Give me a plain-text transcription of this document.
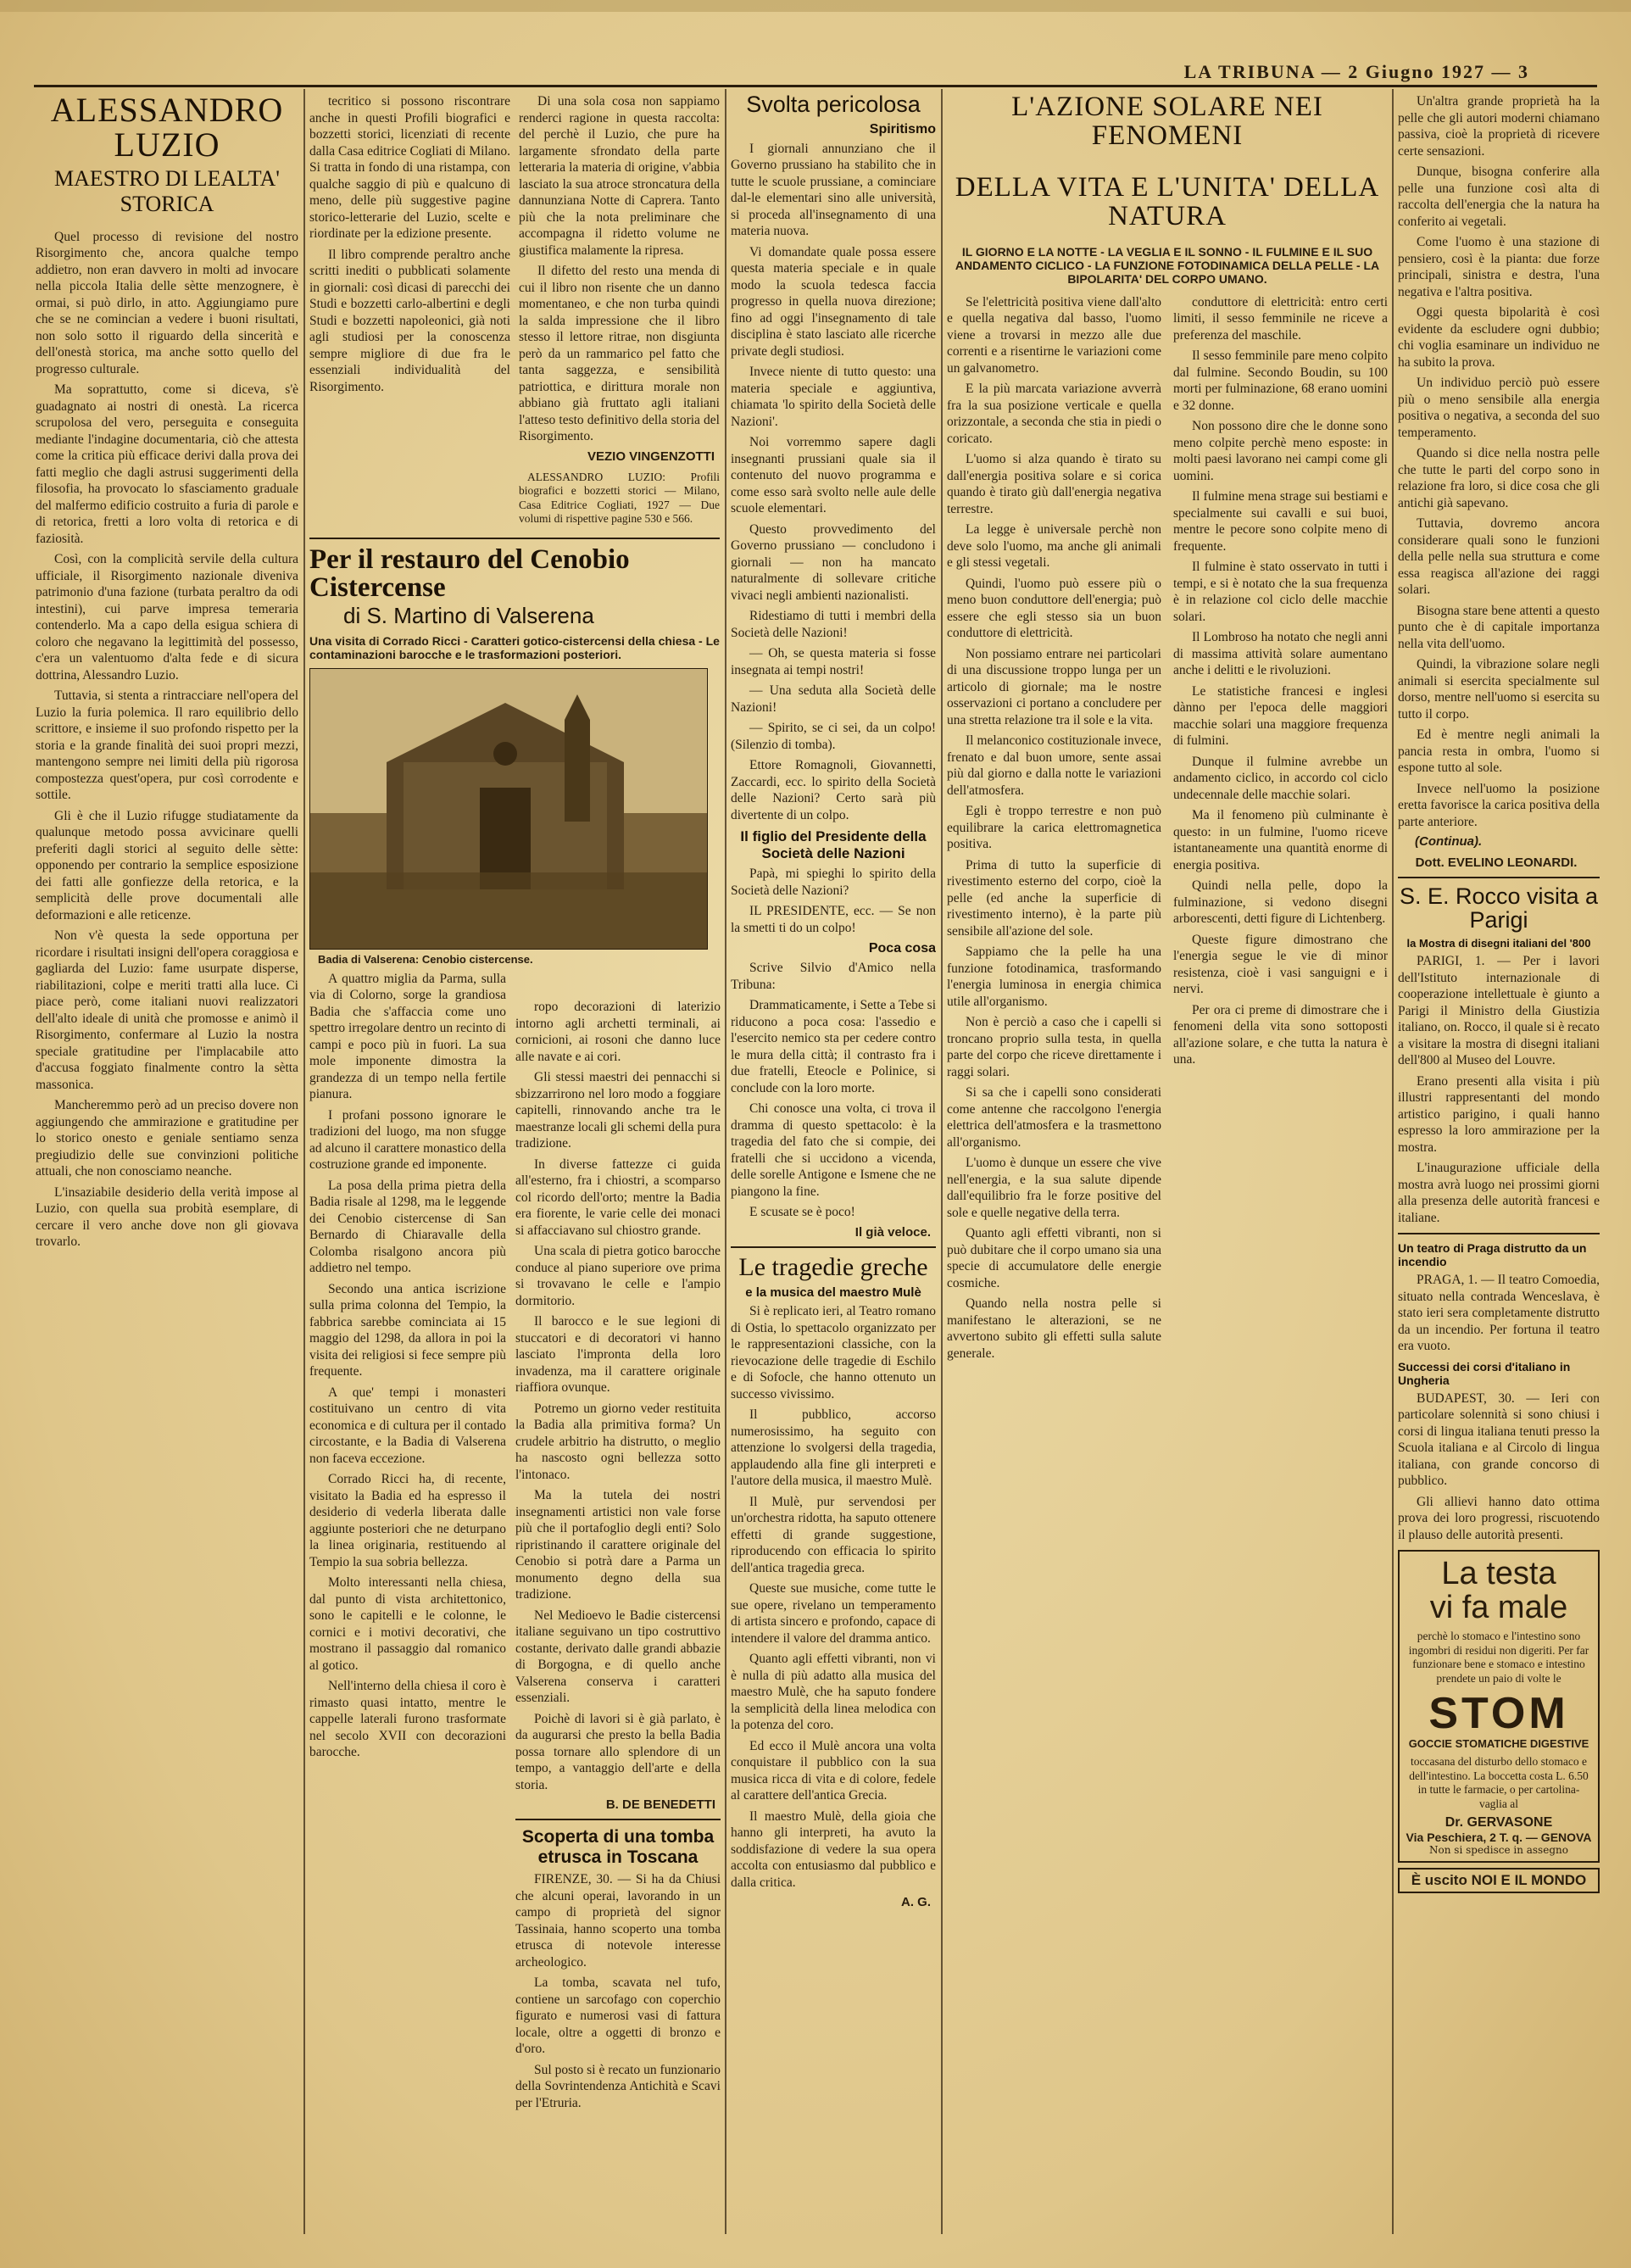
LA TRIBUNA — 2 Giugno 1927 — 3
ALESSANDRO LUZIO
MAESTRO DI LEALTA' STORICA

Quel processo di revisione del nostro Risorgimento che, ancora qualche tempo addietro, non eran davvero in molti ad invocare nella piccola Italia delle sètte menzognere, è ormai, si può dirlo, in atto. Aggiungiamo pure che se ne comincian a vedere i buoni risultati, non solo sotto il riguardo della sincerità e dell'onestà storica, ma anche sotto quello del progresso culturale.

Ma soprattutto, come si diceva, s'è guadagnato ai nostri di onestà. La ricerca scrupolosa del vero, perseguita e conseguita mediante l'indagine documentaria, ciò che attesta come la critica più efficace derivi dalla prova dei fatti meglio che dagli astrusi suggerimenti della filosofia, ha provocato lo sfasciamento graduale del malfermo edificio costruito a furia di parole e di retorica, fretti a loro volta di retorica e di faziosità.

Così, con la complicità servile della cultura ufficiale, il Risorgimento nazionale diveniva patrimonio d'una fazione (turbata peraltro da odi intestini), cui parve impresa temeraria contenderlo. Ma a capo della esigua schiera di coloro che negavano la legittimità del possesso, c'era un valentuomo d'alta fede e di sicura dottrina, Alessandro Luzio.

Tuttavia, si stenta a rintracciare nell'opera del Luzio la furia polemica. Il raro equilibrio dello scrittore, e insieme il suo profondo rispetto per la storia e la grande finalità dei suoi propri mezzi, mantengono sempre nei limiti della più rigorosa compostezza quest'opera, pur così corrodente e sottile.

Gli è che il Luzio rifugge studiatamente da qualunque metodo possa avvicinare quelli preferiti dagli storici al seguito delle sètte: opponendo per contrario la semplice esposizione dei fatti alle gonfiezze della retorica, e la semplicità delle prove documentali alle deformazioni e alle reticenze.

Non v'è questa la sede opportuna per ricordare i risultati insigni dell'opera coraggiosa e gagliarda del Luzio: fame usurpate disperse, riabilitazioni, colpe e meriti tratti alla luce. Ci piace però, come italiani nuovi realizzatori dell'alto ideale di unità che promosse e animò il Risorgimento, confermare al Luzio la nostra speciale gratitudine per l'implacabile atto d'accusa foggiato finalmente contro la sètta massonica.

Mancheremmo però ad un preciso dovere non aggiungendo che ammirazione e gratitudine per lo storico onesto e geniale sentiamo senza pregiudizio delle sue convinzioni politiche attuali, che non conosciamo neanche.

L'insaziabile desiderio della verità impose al Luzio, con quella sua probità esemplare, di cercare il vero anche dove non gli giovava trovarlo.

tecritico si possono riscontrare anche in questi Profili biografici e bozzetti storici, licenziati di recente dalla Casa editrice Cogliati di Milano. Si tratta in fondo di una ristampa, con qualche saggio di più e qualcuno di meno, delle più suggestive pagine storico-letterarie del Luzio, scelte e riordinate per la edizione presente.

Il libro comprende peraltro anche scritti inediti o pubblicati solamente in giornali: così dicasi di parecchi dei Studi e bozzetti carlo-albertini e degli Studi e bozzetti napoleonici, già noti agli studiosi per la conoscenza sempre migliore di due fra le essenziali individualità del Risorgimento.

Di una sola cosa non sappiamo renderci ragione in questa raccolta: del perchè il Luzio, che pure ha largamente sfrondato della parte letteraria la materia di origine, v'abbia lasciato la sua atroce stroncatura della dannunziana Notte di Caprera. Tanto più che la nota preliminare che accompagna il ridetto volume ne giustifica malamente la ripresa.

Il difetto del resto una menda di cui il libro non risente che un danno momentaneo, e che non turba quindi la salda impressione che il libro stesso il lettore ritrae, non disgiunta però da un rammarico pel fatto che tanta saggezza, e sensibilità patriottica, e dirittura morale non abbiano già fruttato agli italiani l'atteso testo definitivo della storia del Risorgimento.

VEZIO VINGENZOTTI

ALESSANDRO LUZIO: Profili biografici e bozzetti storici — Milano, Casa Editrice Cogliati, 1927 — Due volumi di rispettive pagine 530 e 566.

Per il restauro del Cenobio Cistercense
di S. Martino di Valserena
Una visita di Corrado Ricci - Caratteri gotico-cistercensi della chiesa - Le contaminazioni barocche e le trasformazioni posteriori.
Badia di Valserena: Cenobio cistercense.

A quattro miglia da Parma, sulla via di Colorno, sorge la grandiosa Badia che s'affaccia come uno spettro irregolare dentro un recinto di campi e poco più in fuori. La sua mole imponente dimostra la grandezza di un tempo nella fertile pianura.

I profani possono ignorare le tradizioni del luogo, ma non sfugge ad alcuno il carattere monastico della costruzione grande ed imponente.

La posa della prima pietra della Badia risale al 1298, ma le leggende dei Cenobio cistercense di San Bernardo di Chiaravalle della Colomba risalgono ancora più addietro nel tempo.

Secondo una antica iscrizione sulla prima colonna del Tempio, la fabbrica sarebbe cominciata ai 15 maggio del 1298, da allora in poi la visita dei religiosi si fece sempre più frequente.

A que' tempi i monasteri costituivano un centro di vita economica e di cultura per il contado circostante, e la Badia di Valserena non faceva eccezione.

Corrado Ricci ha, di recente, visitato la Badia ed ha espresso il desiderio di vederla liberata dalle aggiunte posteriori che ne deturpano la linea originaria, restituendo al Tempio la sua sobria bellezza.

Molto interessanti nella chiesa, dal punto di vista architettonico, sono le capitelli e le colonne, le cornici e i motivi decorativi, che mostrano il passaggio dal romanico al gotico.

Nell'interno della chiesa il coro è rimasto quasi intatto, mentre le cappelle laterali furono trasformate nel secolo XVII con decorazioni barocche.

ropo decorazioni di laterizio intorno agli archetti terminali, ai cornicioni, ai rosoni che danno luce alle navate e ai cori.

Gli stessi maestri dei pennacchi si sbizzarrirono nel loro modo a foggiare capitelli, rinnovando anche tra le maestranze locali gli schemi della pura tradizione.

In diverse fattezze ci guida all'esterno, fra i chiostri, a scomparso col ricordo dell'orto; mentre la Badia era fiorente, le varie celle dei monaci si affacciavano sul chiostro grande.

Una scala di pietra gotico barocche conduce al piano superiore ove prima si trovavano le celle e l'ampio dormitorio.

Il barocco e le sue legioni di stuccatori e di decoratori vi hanno lasciato l'impronta della loro invadenza, ma il carattere originale riaffiora ovunque.

Potremo un giorno veder restituita la Badia alla primitiva forma? Un crudele arbitrio ha distrutto, o meglio ha nascosto ogni bellezza sotto l'intonaco.

Ma la tutela dei nostri insegnamenti artistici non vale forse più che il portafoglio degli enti? Solo ripristinando il carattere originale del Cenobio si potrà dare a Parma un monumento degno della sua tradizione.

Nel Medioevo le Badie cistercensi italiane seguivano un tipo costruttivo costante, derivato dalle grandi abbazie di Borgogna, e di quello anche Valserena conserva i caratteri essenziali.

Poichè di lavori si è già parlato, è da augurarsi che presto la bella Badia possa tornare allo splendore di un tempo, a vantaggio dell'arte e della storia.

B. DE BENEDETTI
Scoperta di una tomba etrusca in Toscana

FIRENZE, 30. — Si ha da Chiusi che alcuni operai, lavorando in un campo di proprietà del signor Tassinaia, hanno scoperto una tomba etrusca di notevole interesse archeologico.

La tomba, scavata nel tufo, contiene un sarcofago con coperchio figurato e numerosi vasi di fattura locale, oltre a oggetti di bronzo e d'oro.

Sul posto si è recato un funzionario della Sovrintendenza Antichità e Scavi per l'Etruria.

Svolta pericolosa
Spiritismo

I giornali annunziano che il Governo prussiano ha stabilito che in tutte le scuole prussiane, a cominciare dal-le elementari sino alle università, si proceda all'insegnamento di una materia nuova.

Vi domandate quale possa essere questa materia speciale e in quale modo la scuola tedesca faccia progresso in quella nuova direzione; fino ad oggi l'insegnamento di tale disciplina è stato lasciato alle ricerche private degli studiosi.

Invece niente di tutto questo: una materia speciale e aggiuntiva, chiamata 'lo spirito della Società delle Nazioni'.

Noi vorremmo sapere dagli insegnanti prussiani quale sia il contenuto del nuovo programma e come esso sarà svolto nelle aule delle scuole elementari.

Questo provvedimento del Governo prussiano — concludono i giornali — non ha mancato naturalmente di sollevare critiche vivaci negli ambienti nazionalisti.

Ridestiamo di tutti i membri della Società delle Nazioni!

— Oh, se questa materia si fosse insegnata ai tempi nostri!

— Una seduta alla Società delle Nazioni!

— Spirito, se ci sei, da un colpo! (Silenzio di tomba).

Ettore Romagnoli, Giovannetti, Zaccardi, ecc. lo spirito della Società delle Nazioni? Certo sarà più divertente di un colpo.

Il figlio del Presidente della Società delle Nazioni

Papà, mi spieghi lo spirito della Società delle Nazioni?

IL PRESIDENTE, ecc. — Se non la smetti ti do un colpo!

Poca cosa

Scrive Silvio d'Amico nella Tribuna:

Drammaticamente, i Sette a Tebe si riducono a poca cosa: l'assedio e l'esercito nemico sta per cedere contro le mura della città; il contrasto fra i due fratelli, Eteocle e Polinice, si conclude con la loro morte.

Chi conosce una volta, ci trova il dramma di questo spettacolo: è la tragedia del fato che si compie, dei fratelli che si uccidono a vicenda, delle sorelle Antigone e Ismene che ne piangono la fine.

E scusate se è poco!

Il già veloce.
Le tragedie greche
e la musica del maestro Mulè

Si è replicato ieri, al Teatro romano di Ostia, lo spettacolo organizzato per le rappresentazioni classiche, con la rievocazione delle tragedie di Eschilo e di Sofocle, che hanno ottenuto un successo vivissimo.

Il pubblico, accorso numerosissimo, ha seguito con attenzione lo svolgersi della tragedia, applaudendo alla fine gli interpreti e l'autore della musica, il maestro Mulè.

Il Mulè, pur servendosi per un'orchestra ridotta, ha saputo ottenere effetti di grande suggestione, riproducendo con efficacia lo spirito dell'antica tragedia greca.

Queste sue musiche, come tutte le sue opere, rivelano un temperamento di artista sincero e profondo, capace di intendere il valore del dramma antico.

Quanto agli effetti vibranti, non vi è nulla di più adatto alla musica del maestro Mulè, che ha saputo fondere la semplicità della linea melodica con la potenza del coro.

Ed ecco il Mulè ancora una volta conquistare il pubblico con la sua musica ricca di vita e di colore, fedele al carattere dell'antica Grecia.

Il maestro Mulè, della gioia che hanno gli interpreti, ha avuto la soddisfazione di vedere la sua opera accolta con entusiasmo dal pubblico e dalla critica.

A. G.
L'AZIONE SOLARE NEI FENOMENI
DELLA VITA E L'UNITA' DELLA NATURA
IL GIORNO E LA NOTTE - LA VEGLIA E IL SONNO - IL FULMINE E IL SUO ANDAMENTO CICLICO - LA FUNZIONE FOTODINAMICA DELLA PELLE - LA BIPOLARITA' DEL CORPO UMANO.

Se l'elettricità positiva viene dall'alto e quella negativa dal basso, l'uomo viene a trovarsi in mezzo alle due correnti e a risentirne le variazioni come un galvanometro.

E la più marcata variazione avverrà fra la sua posizione verticale e quella orizzontale, a seconda che stia in piedi o coricato.

L'uomo si alza quando è tirato su dall'energia positiva solare e si corica quando è tirato giù dall'energia negativa terrestre.

La legge è universale perchè non deve solo l'uomo, ma anche gli animali e gli stessi vegetali.

Quindi, l'uomo può essere più o meno buon conduttore dell'energia; può essere che egli stesso sia un buon conduttore di elettricità.

Non possiamo entrare nei particolari di una discussione troppo lunga per un articolo di giornale; ma le nostre osservazioni ci portano a concludere per una stretta relazione tra il sole e la vita.

Il melanconico costituzionale invece, frenato e dal buon umore, sente assai più dal giorno e dalla notte le variazioni dell'atmosfera.

Egli è troppo terrestre e non può equilibrare la carica elettromagnetica positiva.

Prima di tutto la superficie di rivestimento esterno del corpo, cioè la pelle (ed anche la superficie di rivestimento interno), è la parte più sensibile all'azione del sole.

Sappiamo che la pelle ha una funzione fotodinamica, trasformando l'energia luminosa in energia chimica utile all'organismo.

Non è perciò a caso che i capelli si troncano proprio sulla testa, in quella parte del corpo che riceve direttamente i raggi solari.

Si sa che i capelli sono considerati come antenne che raccolgono l'energia elettrica dell'atmosfera e la trasmettono all'organismo.

L'uomo è dunque un essere che vive nell'energia, e la sua salute dipende dall'equilibrio fra le forze positive del sole e quelle negative della terra.

Quanto agli effetti vibranti, non si può dubitare che il corpo umano sia una specie di accumulatore delle energie cosmiche.

Quando nella nostra pelle si manifestano le alterazioni, se ne avvertono subito gli effetti sulla salute generale.

conduttore di elettricità: entro certi limiti, il sesso femminile ne riceve a preferenza del maschile.

Il sesso femminile pare meno colpito dal fulmine. Secondo Boudin, su 100 morti per fulminazione, 68 erano uomini e 32 donne.

Non possono dire che le donne sono meno colpite perchè meno esposte: in molti paesi lavorano nei campi come gli uomini.

Il fulmine mena strage sui bestiami e specialmente sui cavalli e sui buoi, mentre le pecore sono colpite meno di frequente.

Il fulmine è stato osservato in tutti i tempi, e si è notato che la sua frequenza è in relazione col ciclo delle macchie solari.

Il Lombroso ha notato che negli anni di massima attività solare aumentano anche i delitti e le rivoluzioni.

Le statistiche francesi e inglesi dànno per l'epoca delle maggiori macchie solari una maggiore frequenza di fulmini.

Dunque il fulmine avrebbe un andamento ciclico, in accordo col ciclo undecennale delle macchie solari.

Ma il fenomeno più culminante è questo: in un fulmine, l'uomo riceve istantaneamente una quantità enorme di energia positiva.

Quindi nella pelle, dopo la fulminazione, si vedono disegni arborescenti, detti figure di Lichtenberg.

Queste figure dimostrano che l'energia segue le vie di minor resistenza, cioè i vasi sanguigni e i nervi.

Per ora ci preme di dimostrare che i fenomeni della vita sono sottoposti all'azione solare, e che tutta la natura è una.

Un'altra grande proprietà ha la pelle che gli autori moderni chiamano passiva, cioè la proprietà di ricevere certe sensazioni.

Dunque, bisogna conferire alla pelle una funzione così alta di raccolta dell'energia che la natura ha conferito ai vegetali.

Come l'uomo è una stazione di pensiero, così è la pianta: due forze principali, sinistra e destra, l'una negativa e l'altra positiva.

Oggi questa bipolarità è così evidente da escludere ogni dubbio; chi voglia esaminare un individuo ne ha subito la prova.

Un individuo perciò può essere più o meno sensibile alla energia positiva o negativa, a seconda del suo temperamento.

Quando si dice nella nostra pelle che tutte le parti del corpo sono in relazione fra loro, si dice cosa che gli antichi già sapevano.

Tuttavia, dovremo ancora considerare quali sono le funzioni della pelle nella sua struttura e come essa reagisca all'azione dei raggi solari.

Bisogna stare bene attenti a questo punto che è di capitale importanza nella vita dell'uomo.

Quindi, la vibrazione solare negli animali si esercita specialmente sul dorso, mentre nell'uomo si esercita su tutto il corpo.

Ed è mentre negli animali la pancia resta in ombra, l'uomo si espone tutto al sole.

Invece nell'uomo la posizione eretta favorisce la carica positiva della parte anteriore.

(Continua).
Dott. EVELINO LEONARDI.
S. E. Rocco visita a Parigi
la Mostra di disegni italiani del '800

PARIGI, 1. — Per i lavori dell'Istituto internazionale di cooperazione intellettuale è giunto a Parigi il Ministro della Giustizia italiano, on. Rocco, il quale si è recato a visitare la mostra di disegni italiani dell'800 al Museo del Louvre.

Erano presenti alla visita i più illustri rappresentanti del mondo artistico parigino, i quali hanno espresso la loro ammirazione per la mostra.

L'inaugurazione ufficiale della mostra avrà luogo nei prossimi giorni alla presenza delle autorità francesi e italiane.

Un teatro di Praga distrutto da un incendio

PRAGA, 1. — Il teatro Comoedia, situato nella contrada Wenceslava, è stato ieri sera completamente distrutto da un incendio. Per fortuna il teatro era vuoto.

Successi dei corsi d'italiano in Ungheria

BUDAPEST, 30. — Ieri con particolare solennità si sono chiusi i corsi di lingua italiana tenuti presso la Scuola italiana e al Circolo di lingua italiana, con grande concorso di pubblico.

Gli allievi hanno dato ottima prova dei loro progressi, riscuotendo il plauso delle autorità presenti.

La testa
vi fa male

perchè lo stomaco e l'intestino sono ingombri di residui non digeriti. Per far funzionare bene e stomaco e intestino prendete un paio di volte le

STOM
GOCCIE STOMATICHE DIGESTIVE

toccasana del disturbo dello stomaco e dell'intestino. La boccetta costa L. 6.50 in tutte le farmacie, o per cartolina-vaglia al

Dr. GERVASONE
Via Peschiera, 2 T. q. — GENOVA
Non si spedisce in assegno
È uscito NOI E IL MONDO
